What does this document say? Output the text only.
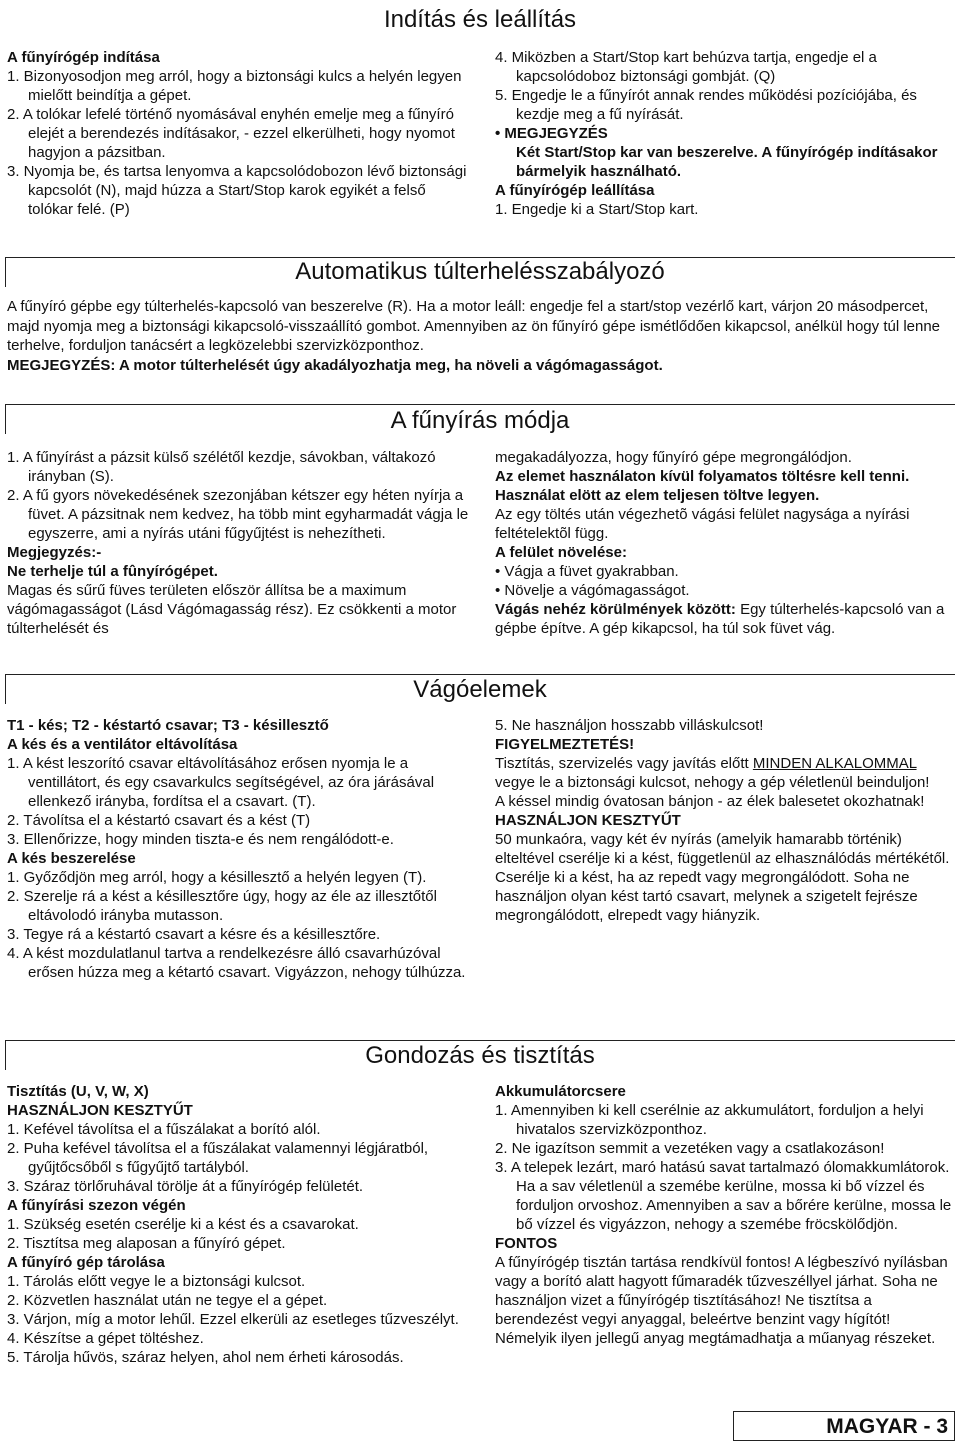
Indítás és leállítás

A fűnyírógép indítása

1. Bizonyosodjon meg arról, hogy a biztonsági kulcs a helyén legyen mielőtt beindítja a gépet.

2. A tolókar lefelé történő nyomásával enyhén emelje meg a fűnyíró elejét a berendezés indításakor, - ezzel elkerülheti, hogy nyomot hagyjon a pázsitban.

3. Nyomja be, és tartsa lenyomva a kapcsolódobozon lévő biztonsági kapcsolót (N), majd húzza a Start/Stop karok egyikét a felső tolókar felé. (P)

4. Miközben a Start/Stop kart behúzva tartja, engedje el a kapcsolódoboz biztonsági gombját. (Q)

5. Engedje le a fűnyírót annak rendes működési pozíciójába, és kezdje meg a fű nyírását.

• MEGJEGYZÉS

Két Start/Stop kar van beszerelve. A fűnyírógép indításakor bármelyik használható.

A fűnyírógép leállítása

1. Engedje ki a Start/Stop kart.

Automatikus túlterhelésszabályozó

A fűnyíró gépbe egy túlterhelés-kapcsoló van beszerelve (R). Ha a motor leáll: engedje fel a start/stop vezérlő kart, várjon 20 másodpercet, majd nyomja meg a biztonsági kikapcsoló-visszaállító gombot. Amennyiben az ön fűnyíró gépe ismétlődően kikapcsol, anélkül hogy túl lenne terhelve, forduljon tanácsért a legközelebbi szervizközponthoz.

MEGJEGYZÉS: A motor túlterhelését úgy akadályozhatja meg, ha növeli a vágómagasságot.

A fűnyírás módja

1. A fűnyírást a pázsit külső szélétől kezdje, sávokban, váltakozó irányban (S).

2. A fű gyors növekedésének szezonjában kétszer egy héten nyírja a füvet. A pázsitnak nem kedvez, ha több mint egyharmadát vágja le egyszerre, ami a nyírás utáni fűgyűjtést is nehezítheti.

Megjegyzés:-

Ne terhelje túl a fûnyírógépet.

Magas és sűrű füves területen először állítsa be a maximum vágómagasságot (Lásd Vágómagasság rész). Ez csökkenti a motor túlterhelését és

megakadályozza, hogy fűnyíró gépe megrongálódjon.

Az elemet használaton kívül folyamatos töltésre kell tenni. Használat elött az elem teljesen töltve legyen.

Az egy töltés után végezhetõ vágási felület nagysága a nyírási feltételektõl függ.

A felület növelése:

• Vágja a füvet gyakrabban.

• Növelje a vágómagasságot.

Vágás nehéz körülmények között: Egy túlterhelés-kapcsoló van a gépbe építve. A gép kikapcsol, ha túl sok füvet vág.

Vágóelemek

T1 - kés; T2 - késtartó csavar; T3 - késillesztő

A kés és a ventilátor eltávolítása

1. A kést leszorító csavar eltávolításához erősen nyomja le a ventillátort, és egy csavarkulcs segítségével, az óra járásával ellenkező irányba, fordítsa el a csavart. (T).

2. Távolítsa el a késtartó csavart és a kést (T)

3. Ellenőrizze, hogy minden tiszta-e és nem rengálódott-e.

A kés beszerelése

1. Győződjön meg arról, hogy a késillesztő a helyén legyen (T).

2. Szerelje rá a kést a késillesztőre úgy, hogy az éle az illesztőtől eltávolodó irányba mutasson.

3. Tegye rá a késtartó csavart a késre és a késillesztőre.

4. A kést mozdulatlanul tartva a rendelkezésre álló csavarhúzóval erősen húzza meg a kétartó csavart. Vigyázzon, nehogy túlhúzza.

5. Ne használjon hosszabb villáskulcsot!

FIGYELMEZTETÉS!

Tisztítás, szervizelés vagy javítás előtt MINDEN ALKALOMMAL vegye le a biztonsági kulcsot, nehogy a gép véletlenül beinduljon!

A késsel mindig óvatosan bánjon - az élek balesetet okozhatnak!

HASZNÁLJON KESZTYŰT

50 munkaóra, vagy két év nyírás (amelyik hamarabb történik) elteltével cserélje ki a kést, függetlenül az elhasználódás mértékétől.

Cserélje ki a kést, ha az repedt vagy megrongálódott. Soha ne használjon olyan kést tartó csavart, melynek a szigetelt fejrésze megrongálódott, elrepedt vagy hiányzik.

Gondozás és tisztítás

Tisztítás (U, V, W, X)

HASZNÁLJON KESZTYŰT

1. Kefével távolítsa el a fűszálakat a borító alól.

2. Puha kefével távolítsa el a fűszálakat valamennyi légjáratból, gyűjtőcsőből s fűgyűjtő tartályból.

3. Száraz törlőruhával törölje át a fűnyírógép felületét.

A fűnyírási szezon végén

1. Szükség esetén cserélje ki a kést és a csavarokat.

2. Tisztítsa meg alaposan a fűnyíró gépet.

A fűnyíró gép tárolása

1. Tárolás előtt vegye le a biztonsági kulcsot.

2. Közvetlen használat után ne tegye el a gépet.

3. Várjon, míg a motor lehűl. Ezzel elkerüli az esetleges tűzveszélyt.

4. Készítse a gépet töltéshez.

5. Tárolja hűvös, száraz helyen, ahol nem érheti károsodás.

Akkumulátorcsere

1. Amennyiben ki kell cserélnie az akkumulátort, forduljon a helyi hivatalos szervizközponthoz.

2. Ne igazítson semmit a vezetéken vagy a csatlakozáson!

3. A telepek lezárt, maró hatású savat tartalmazó ólomakkumlátorok. Ha a sav véletlenül a szemébe kerülne, mossa ki bő vízzel és forduljon orvoshoz. Amennyiben a sav a bőrére kerülne, mossa le bő vízzel és vigyázzon, nehogy a szemébe fröcskölődjön.

FONTOS

A fűnyírógép tisztán tartása rendkívül fontos! A légbeszívó nyílásban vagy a borító alatt hagyott fűmaradék tűzveszéllyel járhat. Soha ne használjon vizet a fűnyírógép tisztításához! Ne tisztítsa a berendezést vegyi anyaggal, beleértve benzint vagy hígítót! Némelyik ilyen jellegű anyag megtámadhatja a műanyag részeket.

MAGYAR - 3
